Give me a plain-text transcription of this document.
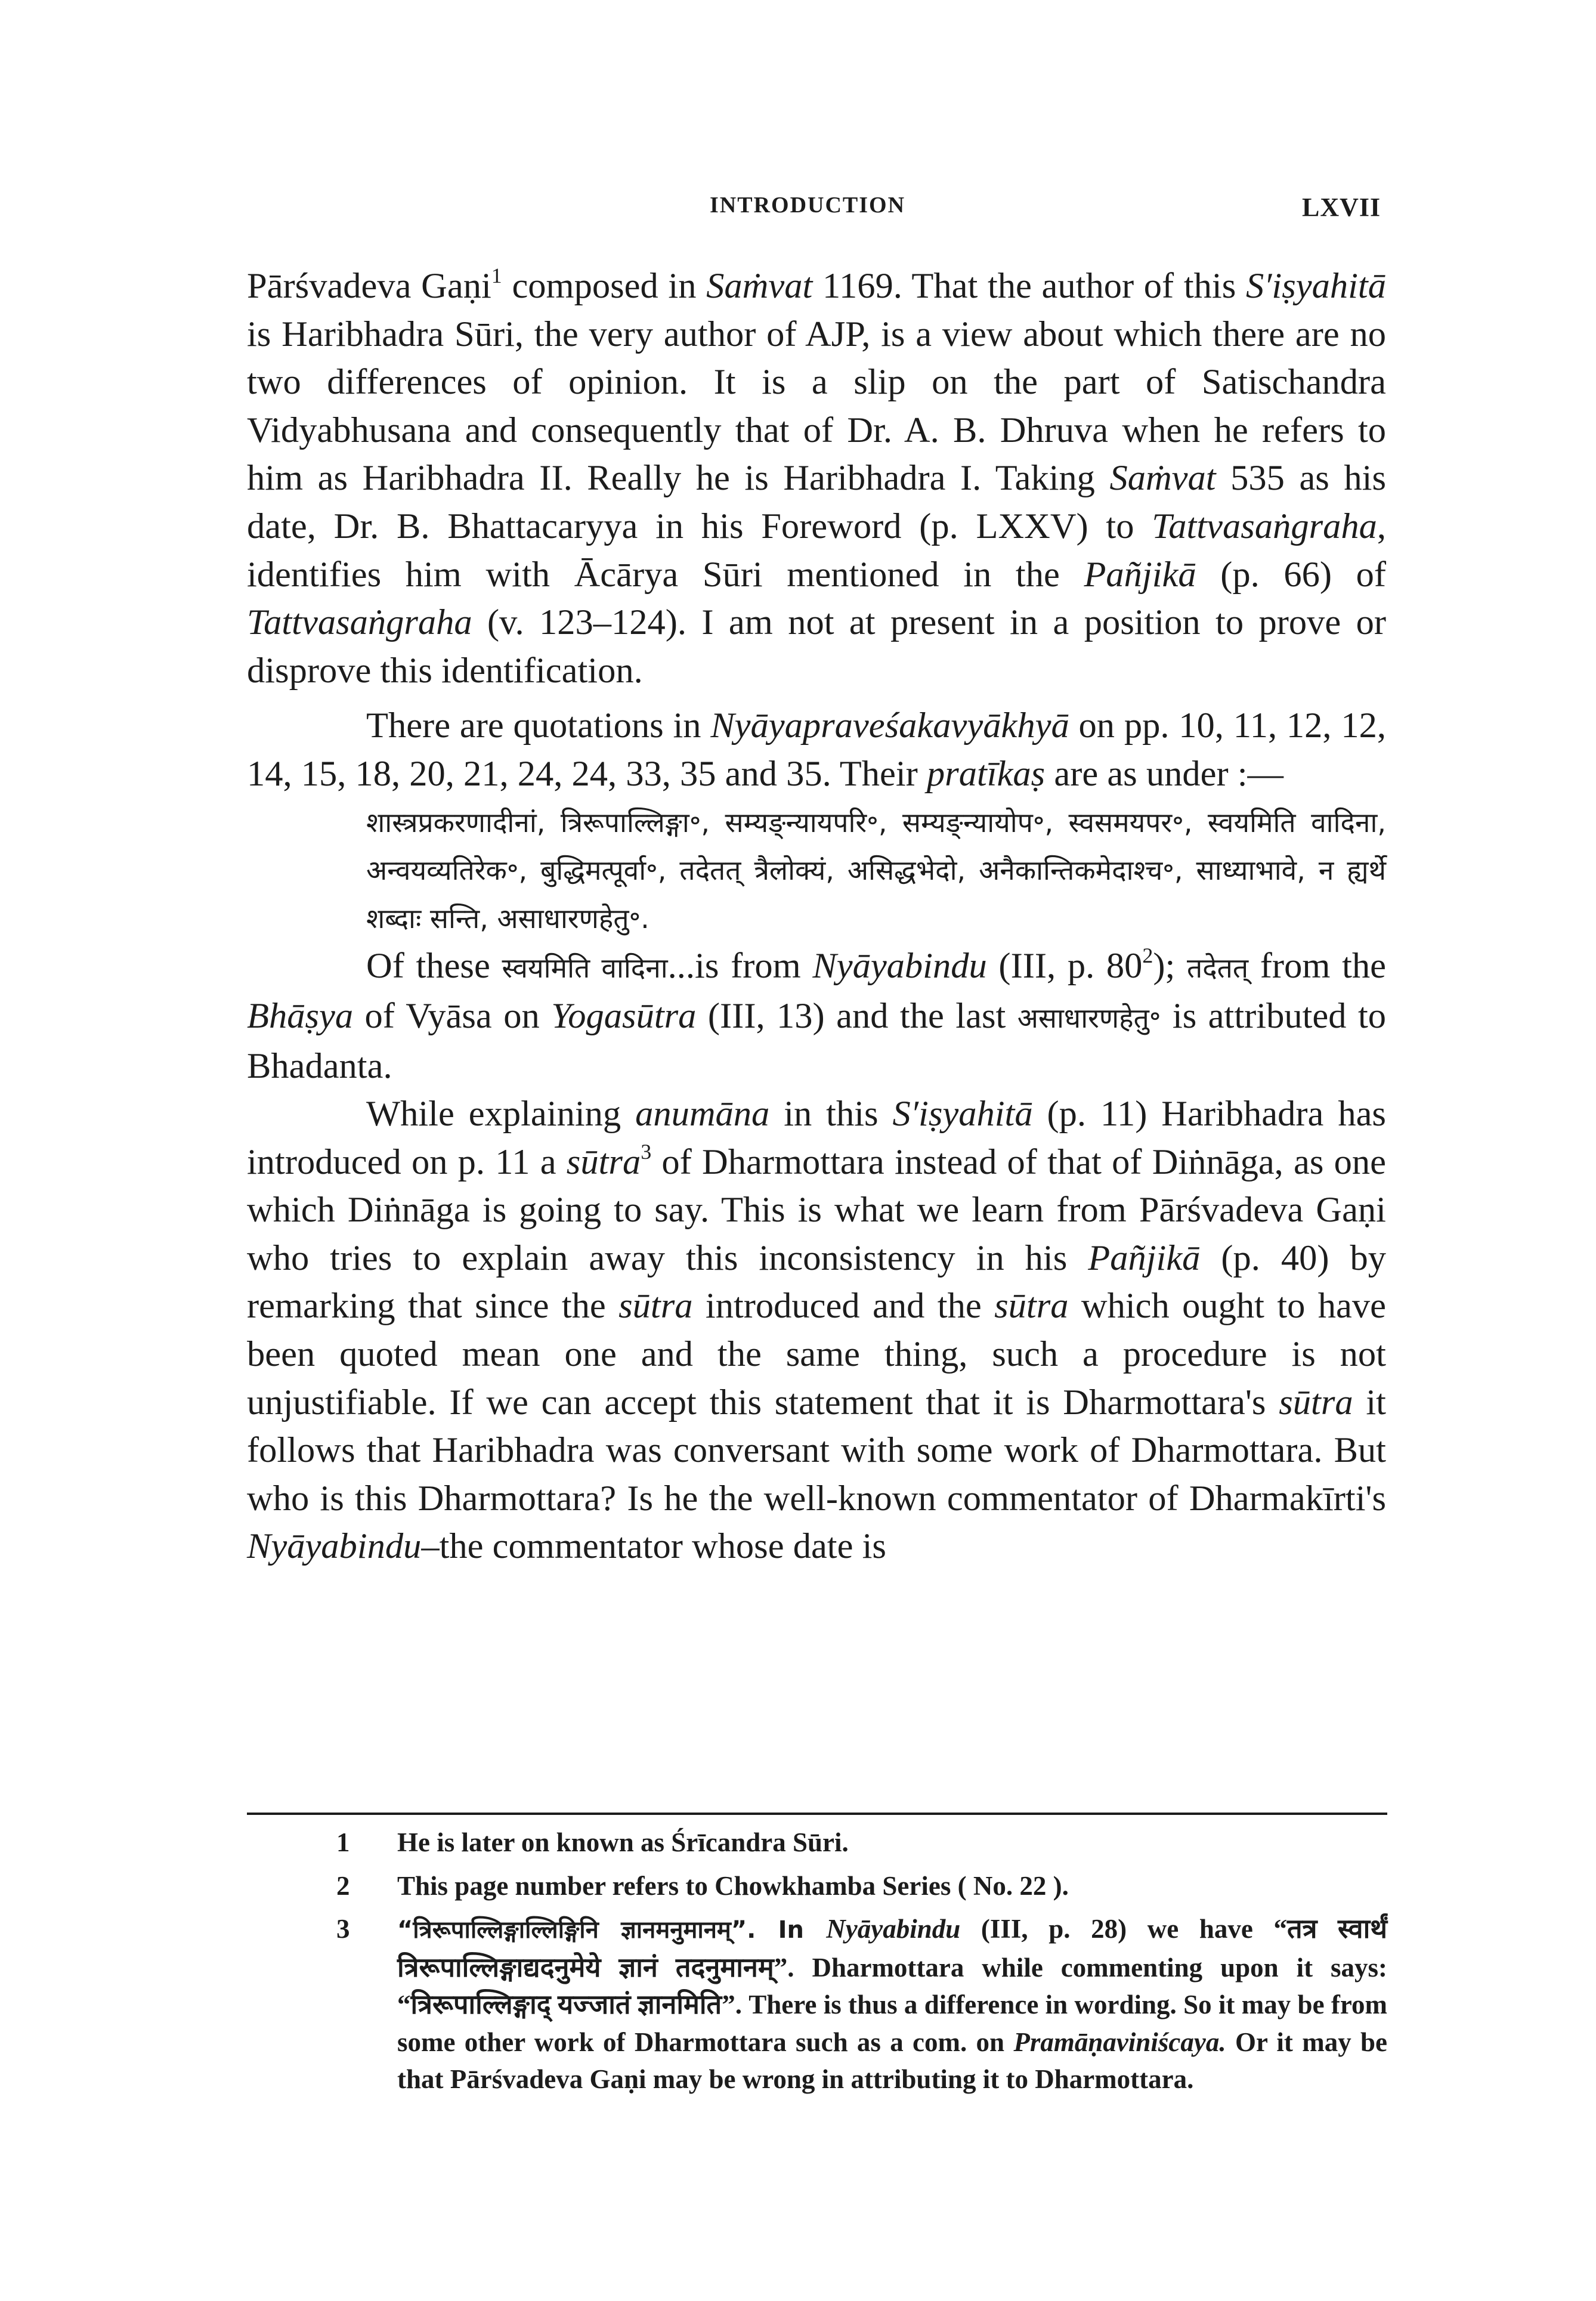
INTRODUCTION	LXVII

Pārśvadeva Gaṇi$^1$ composed in Saṁvat 1169. That the author of this S′iṣyahitā is Haribhadra Sūri, the very author of AJP, is a view about which there are no two differences of opinion. It is a slip on the part of Satischandra Vidyabhusana and consequently that of Dr. A. B. Dhruva when he refers to him as Haribhadra II. Really he is Haribhadra I. Taking Saṁvat 535 as his date, Dr. B. Bhattacaryya in his Foreword (p. LXXV) to Tattvasaṅgraha, identifies him with Ācārya Sūri mentioned in the Pañjikā (p. 66) of Tattvasaṅgraha (v. 123–124). I am not at present in a position to prove or disprove this identification.

There are quotations in Nyāyapraveśakavyākhyā on pp. 10, 11, 12, 12, 14, 15, 18, 20, 21, 24, 24, 33, 35 and 35. Their pratīkaṣ are as under :—

शास्त्रप्रकरणादीनां, त्रिरूपाल्लिङ्गा॰, सम्यङ्न्यायपरि॰, सम्यङ्न्यायोप॰, स्वसमयपर॰, स्वयमिति वादिना, अन्वयव्यतिरेक॰, बुद्धिमत्पूर्वा॰, तदेतत् त्रैलोक्यं, असिद्धभेदो, अनैकान्तिकमेदाश्च॰, साध्याभावे, न ह्यर्थे शब्दाः सन्ति, असाधारणहेतु॰.

Of these स्वयमिति वादिना...is from Nyāyabindu (III, p. $80^2$); तदेतत् from the Bhāṣya of Vyāsa on Yogasūtra (III, 13) and the last असाधारणहेतु॰ is attributed to Bhadanta.

While explaining anumāna in this S′iṣyahitā (p. 11) Haribhadra has introduced on p. 11 a sūtra$^3$ of Dharmottara instead of that of Diṅnāga, as one which Diṅnāga is going to say. This is what we learn from Pārśvadeva Gaṇi who tries to explain away this inconsistency in his Pañjikā (p. 40) by remarking that since the sūtra introduced and the sūtra which ought to have been quoted mean one and the same thing, such a procedure is not unjustifiable. If we can accept this statement that it is Dharmottara's sūtra it follows that Haribhadra was conversant with some work of Dharmottara. But who is this Dharmottara? Is he the well-known commentator of Dharmakīrti's Nyāyabindu–the commentator whose date is

1 He is later on known as Śrīcandra Sūri.
2 This page number refers to Chowkhamba Series ( No. 22 ).
3 “त्रिरूपाल्लिङ्गाल्लिङ्गिनि ज्ञानमनुमानम्”. In Nyāyabindu (III, p. 28) we have “तत्र स्वार्थं त्रिरूपाल्लिङ्गाद्यदनुमेये ज्ञानं तदनुमानम्”. Dharmottara while commenting upon it says: “त्रिरूपाल्लिङ्गाद् यज्जातं ज्ञानमिति”. There is thus a difference in wording. So it may be from some other work of Dharmottara such as a com. on Pramāṇaviniścaya. Or it may be that Pārśvadeva Gaṇi may be wrong in attributing it to Dharmottara.
